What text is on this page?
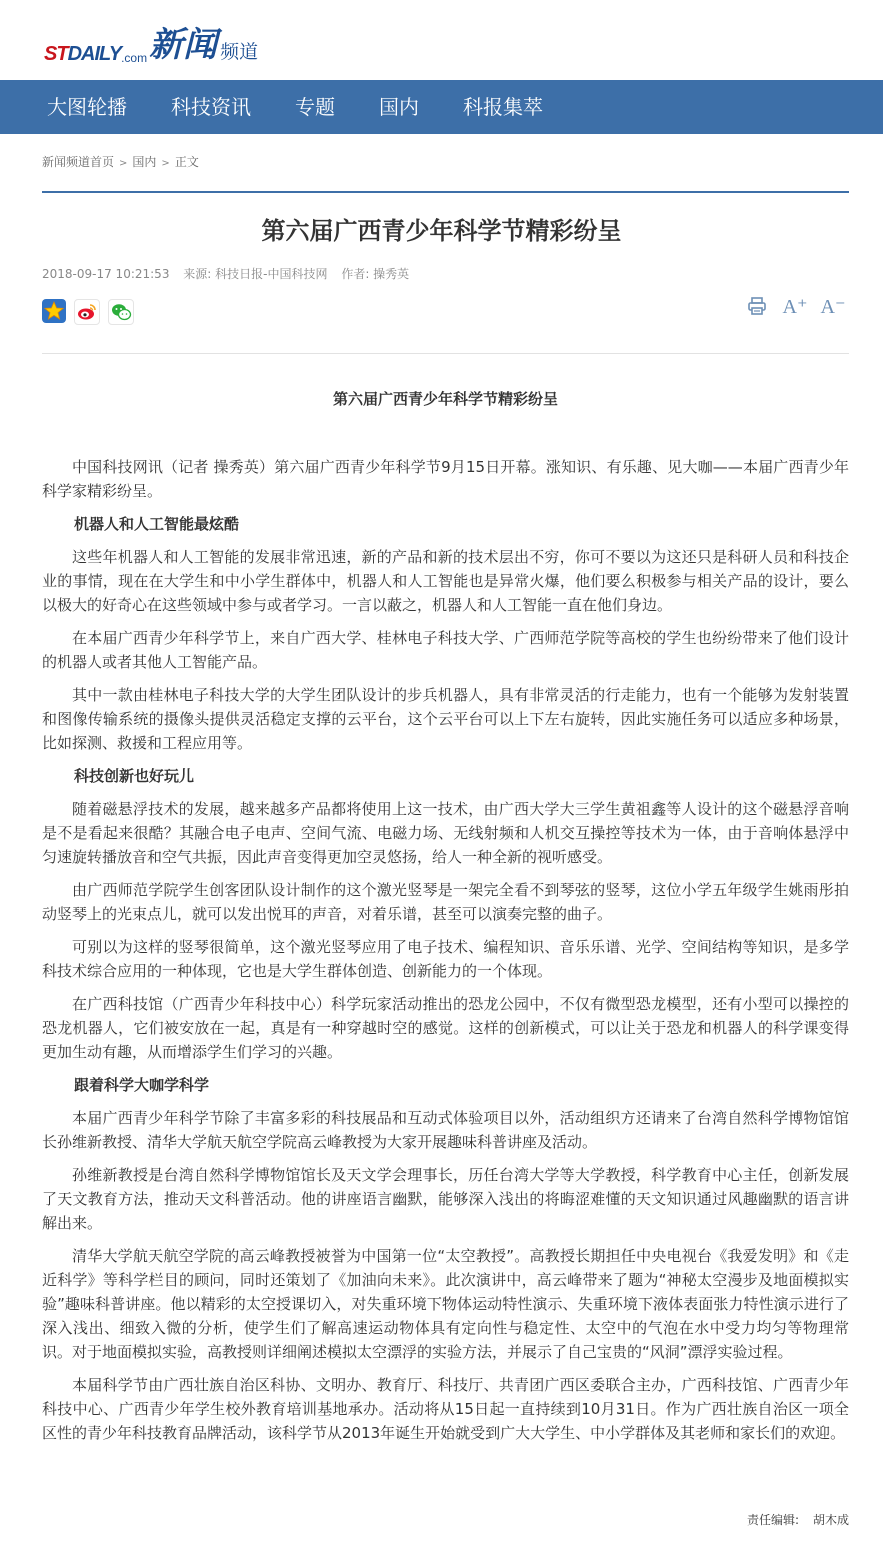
ST DAILY .com 新闻 频道
大图轮播 科技资讯 专题 国内 科报集萃
新闻频道首页 > 国内 > 正文
第六届广西青少年科学节精彩纷呈
2018-09-17 10:21:53 来源: 科技日报-中国科技网 作者: 操秀英
A⁺ A⁻
第六届广西青少年科学节精彩纷呈

中国科技网讯（记者 操秀英）第六届广西青少年科学节9月15日开幕。涨知识、有乐趣、见大咖——本届广西青少年科学家精彩纷呈。

机器人和人工智能最炫酷

这些年机器人和人工智能的发展非常迅速，新的产品和新的技术层出不穷，你可不要以为这还只是科研人员和科技企业的事情，现在在大学生和中小学生群体中，机器人和人工智能也是异常火爆，他们要么积极参与相关产品的设计，要么以极大的好奇心在这些领域中参与或者学习。一言以蔽之，机器人和人工智能一直在他们身边。

在本届广西青少年科学节上，来自广西大学、桂林电子科技大学、广西师范学院等高校的学生也纷纷带来了他们设计的机器人或者其他人工智能产品。

其中一款由桂林电子科技大学的大学生团队设计的步兵机器人，具有非常灵活的行走能力，也有一个能够为发射装置和图像传输系统的摄像头提供灵活稳定支撑的云平台，这个云平台可以上下左右旋转，因此实施任务可以适应多种场景，比如探测、救援和工程应用等。

科技创新也好玩儿

随着磁悬浮技术的发展，越来越多产品都将使用上这一技术，由广西大学大三学生黄祖鑫等人设计的这个磁悬浮音响是不是看起来很酷？其融合电子电声、空间气流、电磁力场、无线射频和人机交互操控等技术为一体，由于音响体悬浮中匀速旋转播放音和空气共振，因此声音变得更加空灵悠扬，给人一种全新的视听感受。

由广西师范学院学生创客团队设计制作的这个激光竖琴是一架完全看不到琴弦的竖琴，这位小学五年级学生姚雨彤拍动竖琴上的光束点儿，就可以发出悦耳的声音，对着乐谱，甚至可以演奏完整的曲子。

可别以为这样的竖琴很简单，这个激光竖琴应用了电子技术、编程知识、音乐乐谱、光学、空间结构等知识，是多学科技术综合应用的一种体现，它也是大学生群体创造、创新能力的一个体现。

在广西科技馆（广西青少年科技中心）科学玩家活动推出的恐龙公园中，不仅有微型恐龙模型，还有小型可以操控的恐龙机器人，它们被安放在一起，真是有一种穿越时空的感觉。这样的创新模式，可以让关于恐龙和机器人的科学课变得更加生动有趣，从而增添学生们学习的兴趣。

跟着科学大咖学科学

本届广西青少年科学节除了丰富多彩的科技展品和互动式体验项目以外，活动组织方还请来了台湾自然科学博物馆馆长孙维新教授、清华大学航天航空学院高云峰教授为大家开展趣味科普讲座及活动。

孙维新教授是台湾自然科学博物馆馆长及天文学会理事长，历任台湾大学等大学教授，科学教育中心主任，创新发展了天文教育方法，推动天文科普活动。他的讲座语言幽默，能够深入浅出的将晦涩难懂的天文知识通过风趣幽默的语言讲解出来。

清华大学航天航空学院的高云峰教授被誉为中国第一位“太空教授”。高教授长期担任中央电视台《我爱发明》和《走近科学》等科学栏目的顾问，同时还策划了《加油向未来》。此次演讲中，高云峰带来了题为“神秘太空漫步及地面模拟实验”趣味科普讲座。他以精彩的太空授课切入，对失重环境下物体运动特性演示、失重环境下液体表面张力特性演示进行了深入浅出、细致入微的分析，使学生们了解高速运动物体具有定向性与稳定性、太空中的气泡在水中受力均匀等物理常识。对于地面模拟实验，高教授则详细阐述模拟太空漂浮的实验方法，并展示了自己宝贵的“风洞”漂浮实验过程。

本届科学节由广西壮族自治区科协、文明办、教育厅、科技厅、共青团广西区委联合主办，广西科技馆、广西青少年科技中心、广西青少年学生校外教育培训基地承办。活动将从15日起一直持续到10月31日。作为广西壮族自治区一项全区性的青少年科技教育品牌活动，该科学节从2013年诞生开始就受到广大大学生、中小学群体及其老师和家长们的欢迎。

责任编辑: 胡木成
